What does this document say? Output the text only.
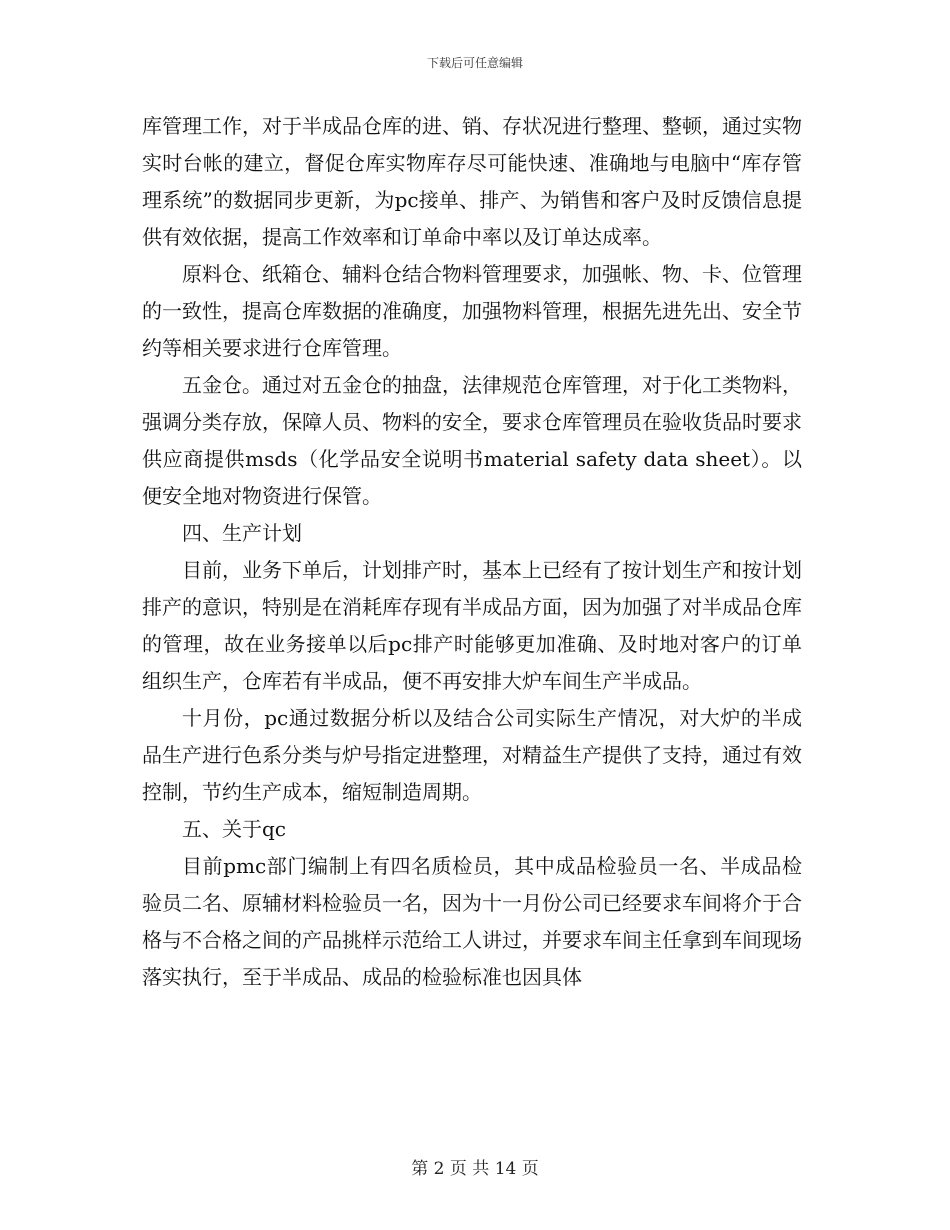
下载后可任意编辑

库管理工作，对于半成品仓库的进、销、存状况进行整理、整顿，通过实物实时台帐的建立，督促仓库实物库存尽可能快速、准确地与电脑中“库存管理系统”的数据同步更新，为pc接单、排产、为销售和客户及时反馈信息提供有效依据，提高工作效率和订单命中率以及订单达成率。

原料仓、纸箱仓、辅料仓结合物料管理要求，加强帐、物、卡、位管理的一致性，提高仓库数据的准确度，加强物料管理，根据先进先出、安全节约等相关要求进行仓库管理。

五金仓。通过对五金仓的抽盘，法律规范仓库管理，对于化工类物料，强调分类存放，保障人员、物料的安全，要求仓库管理员在验收货品时要求供应商提供msds（化学品安全说明书material safety data sheet）。以便安全地对物资进行保管。

四、生产计划

目前，业务下单后，计划排产时，基本上已经有了按计划生产和按计划排产的意识，特别是在消耗库存现有半成品方面，因为加强了对半成品仓库的管理，故在业务接单以后pc排产时能够更加准确、及时地对客户的订单组织生产，仓库若有半成品，便不再安排大炉车间生产半成品。

十月份，pc通过数据分析以及结合公司实际生产情况，对大炉的半成品生产进行色系分类与炉号指定进整理，对精益生产提供了支持，通过有效控制，节约生产成本，缩短制造周期。

五、关于qc

目前pmc部门编制上有四名质检员，其中成品检验员一名、半成品检验员二名、原辅材料检验员一名，因为十一月份公司已经要求车间将介于合格与不合格之间的产品挑样示范给工人讲过，并要求车间主任拿到车间现场落实执行，至于半成品、成品的检验标准也因具体

第 2 页 共 14 页
